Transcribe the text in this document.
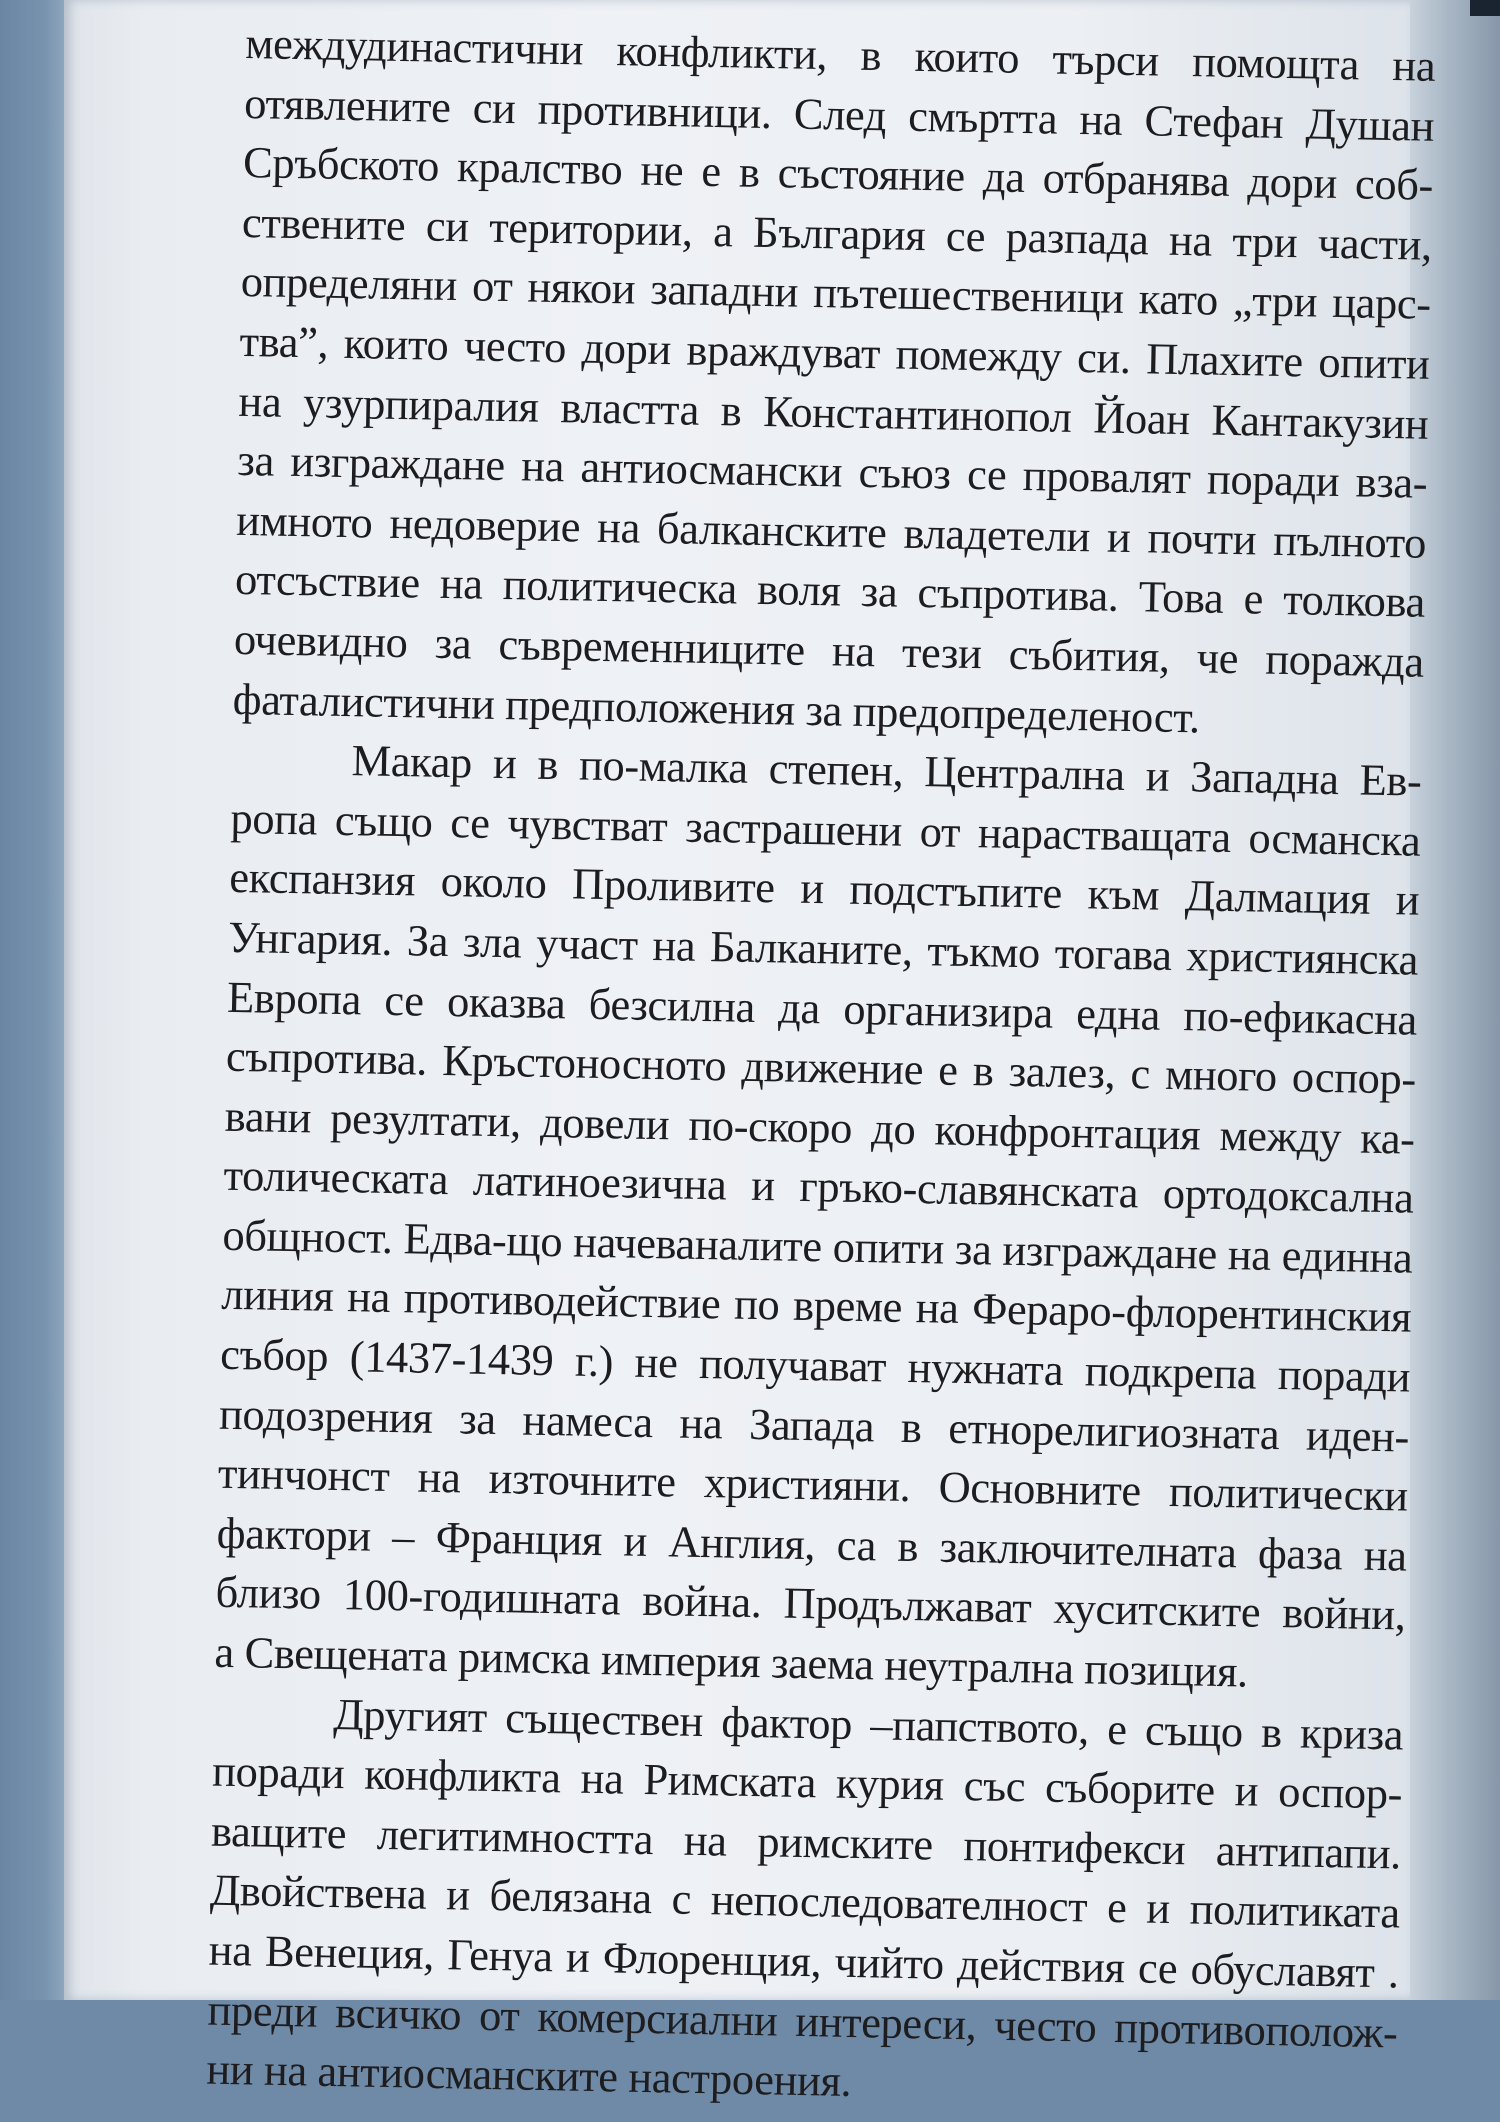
междудинастични конфликти, в които търси помощта на
отявлените си противници. След смъртта на Стефан Душан
Сръбското кралство не е в състояние да отбранява дори соб-
ствените си територии, а България се разпада на три части,
определяни от някои западни пътешественици като „три царс-
тва”, които често дори враждуват помежду си. Плахите опити
на узурпиралия властта в Константинопол Йоан Кантакузин
за изграждане на антиосмански съюз се провалят поради вза-
имното недоверие на балканските владетели и почти пълното
отсъствие на политическа воля за съпротива. Това е толкова
очевидно за съвременниците на тези събития, че поражда
фаталистични предположения за предопределеност.
Макар и в по-малка степен, Централна и Западна Ев-
ропа също се чувстват застрашени от нарастващата османска
експанзия около Проливите и подстъпите към Далмация и
Унгария. За зла участ на Балканите, тъкмо тогава християнска
Европа се оказва безсилна да организира една по-ефикасна
съпротива. Кръстоносното движение е в залез, с много оспор-
вани резултати, довели по-скоро до конфронтация между ка-
толическата латиноезична и гръко-славянската ортодоксална
общност. Едва-що начеваналите опити за изграждане на единна
линия на противодействие по време на Фераро-флорентинския
събор (1437-1439 г.) не получават нужната подкрепа поради
подозрения за намеса на Запада в етнорелигиозната иден-
тинчонст на източните християни. Основните политически
фактори – Франция и Англия, са в заключителната фаза на
близо 100-годишната война. Продължават хуситските войни,
а Свещената римска империя заема неутрална позиция.
Другият съществен фактор –папството, е също в криза
поради конфликта на Римската курия със съборите и оспор-
ващите легитимността на римските понтифекси антипапи.
Двойствена и белязана с непоследователност е и политиката
на Венеция, Генуа и Флоренция, чийто действия се обуславят .
преди всичко от комерсиални интереси, често противополож-
ни на антиосманските настроения.
